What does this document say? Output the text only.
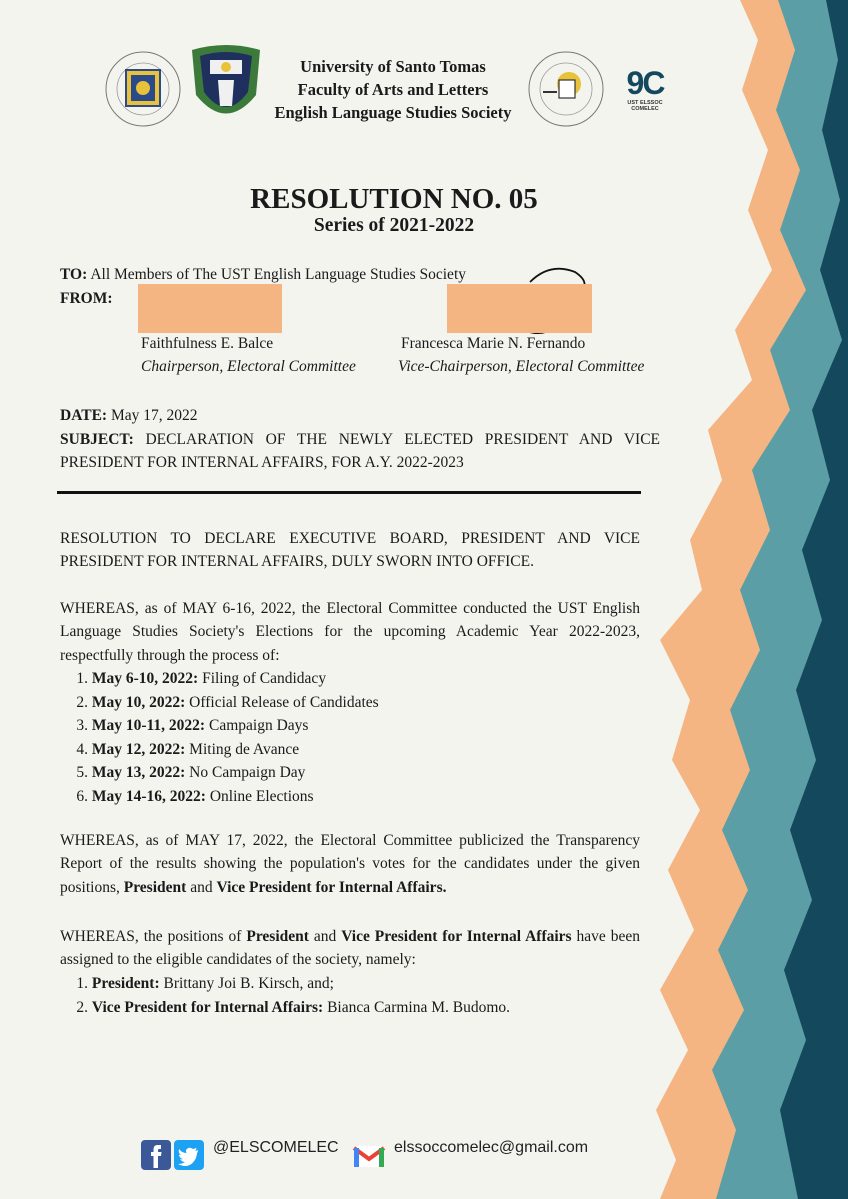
9C
UST ELSSOC COMELEC
University of Santo Tomas
Faculty of Arts and Letters
English Language Studies Society
RESOLUTION NO. 05
Series of 2021-2022
TO: All Members of The UST English Language Studies Society
FROM:
Faithfulness E. Balce
Chairperson, Electoral Committee
Francesca Marie N. Fernando
Vice-Chairperson, Electoral Committee
DATE: May 17, 2022
SUBJECT: DECLARATION OF THE NEWLY ELECTED PRESIDENT AND VICE PRESIDENT FOR INTERNAL AFFAIRS, FOR A.Y. 2022-2023
RESOLUTION TO DECLARE EXECUTIVE BOARD, PRESIDENT AND VICE PRESIDENT FOR INTERNAL AFFAIRS, DULY SWORN INTO OFFICE.
WHEREAS, as of MAY 6-16, 2022, the Electoral Committee conducted the UST English Language Studies Society's Elections for the upcoming Academic Year 2022-2023, respectfully through the process of:
1.
May 6-10, 2022:
Filing of Candidacy
2.
May 10, 2022:
Official Release of Candidates
3.
May 10-11, 2022:
Campaign Days
4.
May 12, 2022:
Miting de Avance
5.
May 13, 2022:
No Campaign Day
6.
May 14-16, 2022:
Online Elections
WHEREAS, as of MAY 17, 2022, the Electoral Committee publicized the Transparency Report of the results showing the population's votes for the candidates under the given positions, President and Vice President for Internal Affairs.
WHEREAS, the positions of President and Vice President for Internal Affairs have been assigned to the eligible candidates of the society, namely:
1.
President:
Brittany Joi B. Kirsch, and;
2.
Vice President for Internal Affairs:
Bianca Carmina M. Budomo.
@ELSCOMELEC	elssoccomelec@gmail.com
